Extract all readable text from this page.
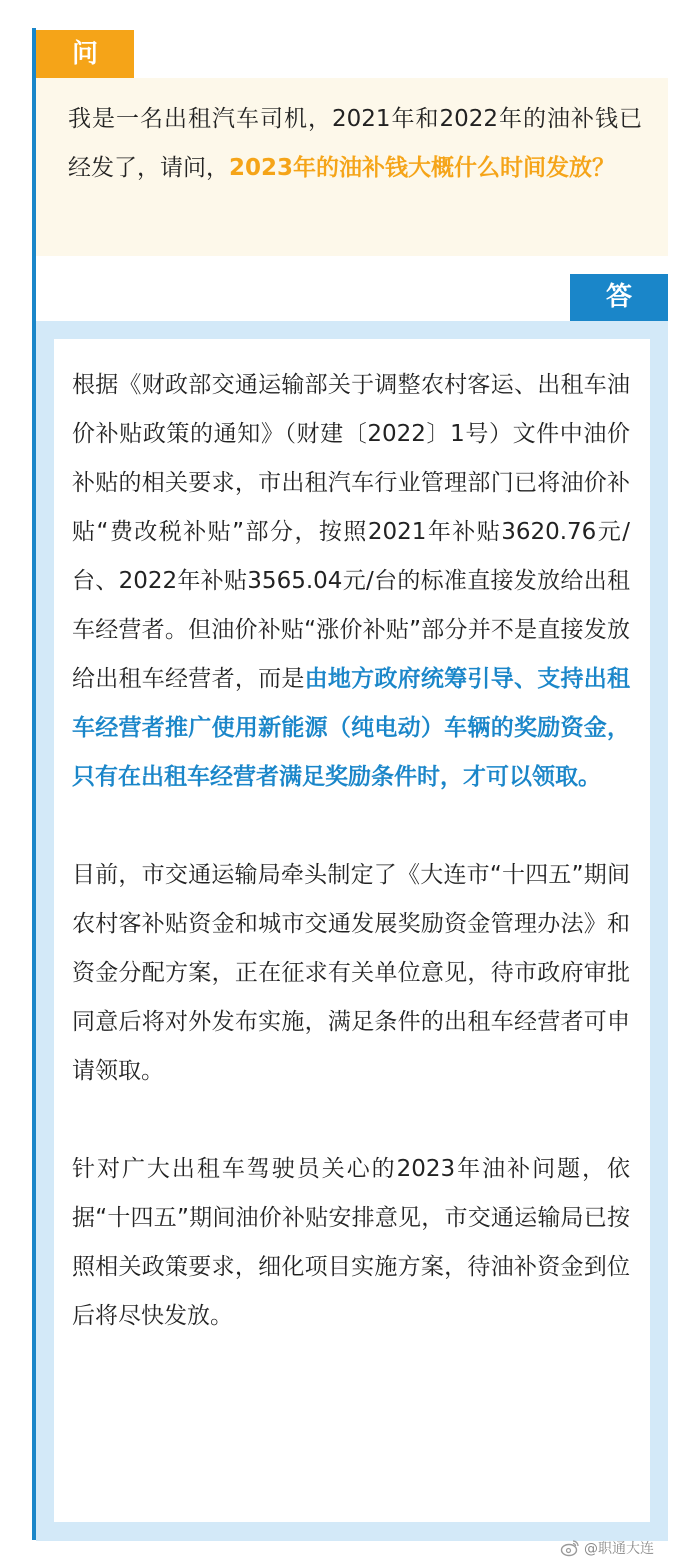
问

我是一名出租汽车司机，2021年和2022年的油补钱已经发了，请问，2023年的油补钱大概什么时间发放？

答

根据《财政部交通运输部关于调整农村客运、出租车油价补贴政策的通知》（财建〔2022〕1号）文件中油价补贴的相关要求，市出租汽车行业管理部门已将油价补贴“费改税补贴”部分，按照2021年补贴3620.76元/台、2022年补贴3565.04元/台的标准直接发放给出租车经营者。但油价补贴“涨价补贴”部分并不是直接发放给出租车经营者，而是由地方政府统筹引导、支持出租车经营者推广使用新能源（纯电动）车辆的奖励资金，只有在出租车经营者满足奖励条件时，才可以领取。

目前，市交通运输局牵头制定了《大连市“十四五”期间农村客补贴资金和城市交通发展奖励资金管理办法》和资金分配方案，正在征求有关单位意见，待市政府审批同意后将对外发布实施，满足条件的出租车经营者可申请领取。

针对广大出租车驾驶员关心的2023年油补问题，依据“十四五”期间油价补贴安排意见，市交通运输局已按照相关政策要求，细化项目实施方案，待油补资金到位后将尽快发放。

@职通大连
